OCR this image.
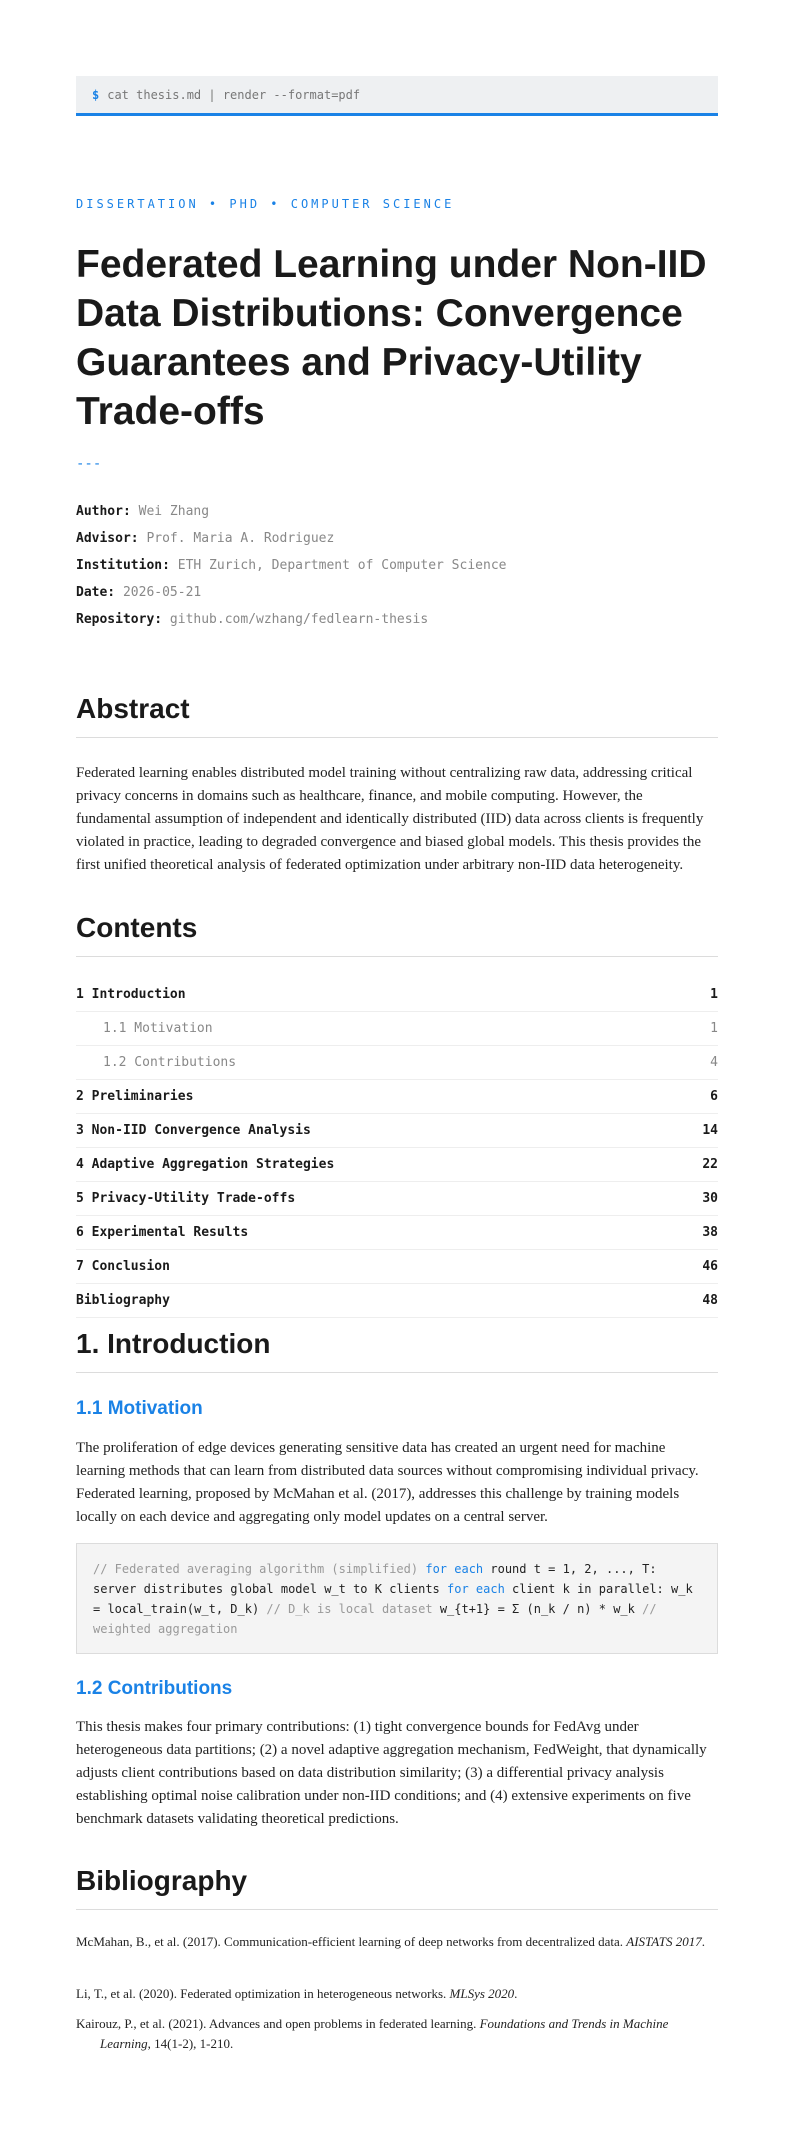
$ cat thesis.md | render --format=pdf
DISSERTATION • PHD • COMPUTER SCIENCE
Federated Learning under Non-IID Data Distributions: Convergence Guarantees and Privacy-Utility Trade-offs
---
Author: Wei Zhang
Advisor: Prof. Maria A. Rodriguez
Institution: ETH Zurich, Department of Computer Science
Date: 2026-05-21
Repository: github.com/wzhang/fedlearn-thesis
Abstract

Federated learning enables distributed model training without centralizing raw data, addressing critical privacy concerns in domains such as healthcare, finance, and mobile computing. However, the fundamental assumption of independent and identically distributed (IID) data across clients is frequently violated in practice, leading to degraded convergence and biased global models. This thesis provides the first unified theoretical analysis of federated optimization under arbitrary non-IID data heterogeneity.

Contents
1 Introduction	1
1.1 Motivation	1
1.2 Contributions	4
2 Preliminaries	6
3 Non-IID Convergence Analysis	14
4 Adaptive Aggregation Strategies	22
5 Privacy-Utility Trade-offs	30
6 Experimental Results	38
7 Conclusion	46
Bibliography	48
1. Introduction
1.1 Motivation

The proliferation of edge devices generating sensitive data has created an urgent need for machine learning methods that can learn from distributed data sources without compromising individual privacy. Federated learning, proposed by McMahan et al. (2017), addresses this challenge by training models locally on each device and aggregating only model updates on a central server.

// Federated averaging algorithm (simplified) for each round t = 1, 2, ..., T: server distributes global model w_t to K clients for each client k in parallel: w_k = local_train(w_t, D_k) // D_k is local dataset w_{t+1} = Σ (n_k / n) * w_k // weighted aggregation
1.2 Contributions

This thesis makes four primary contributions: (1) tight convergence bounds for FedAvg under heterogeneous data partitions; (2) a novel adaptive aggregation mechanism, FedWeight, that dynamically adjusts client contributions based on data distribution similarity; (3) a differential privacy analysis establishing optimal noise calibration under non-IID conditions; and (4) extensive experiments on five benchmark datasets validating theoretical predictions.

Bibliography

McMahan, B., et al. (2017). Communication-efficient learning of deep networks from decentralized data. AISTATS 2017.

Li, T., et al. (2020). Federated optimization in heterogeneous networks. MLSys 2020.

Kairouz, P., et al. (2021). Advances and open problems in federated learning. Foundations and Trends in Machine Learning, 14(1-2), 1-210.
